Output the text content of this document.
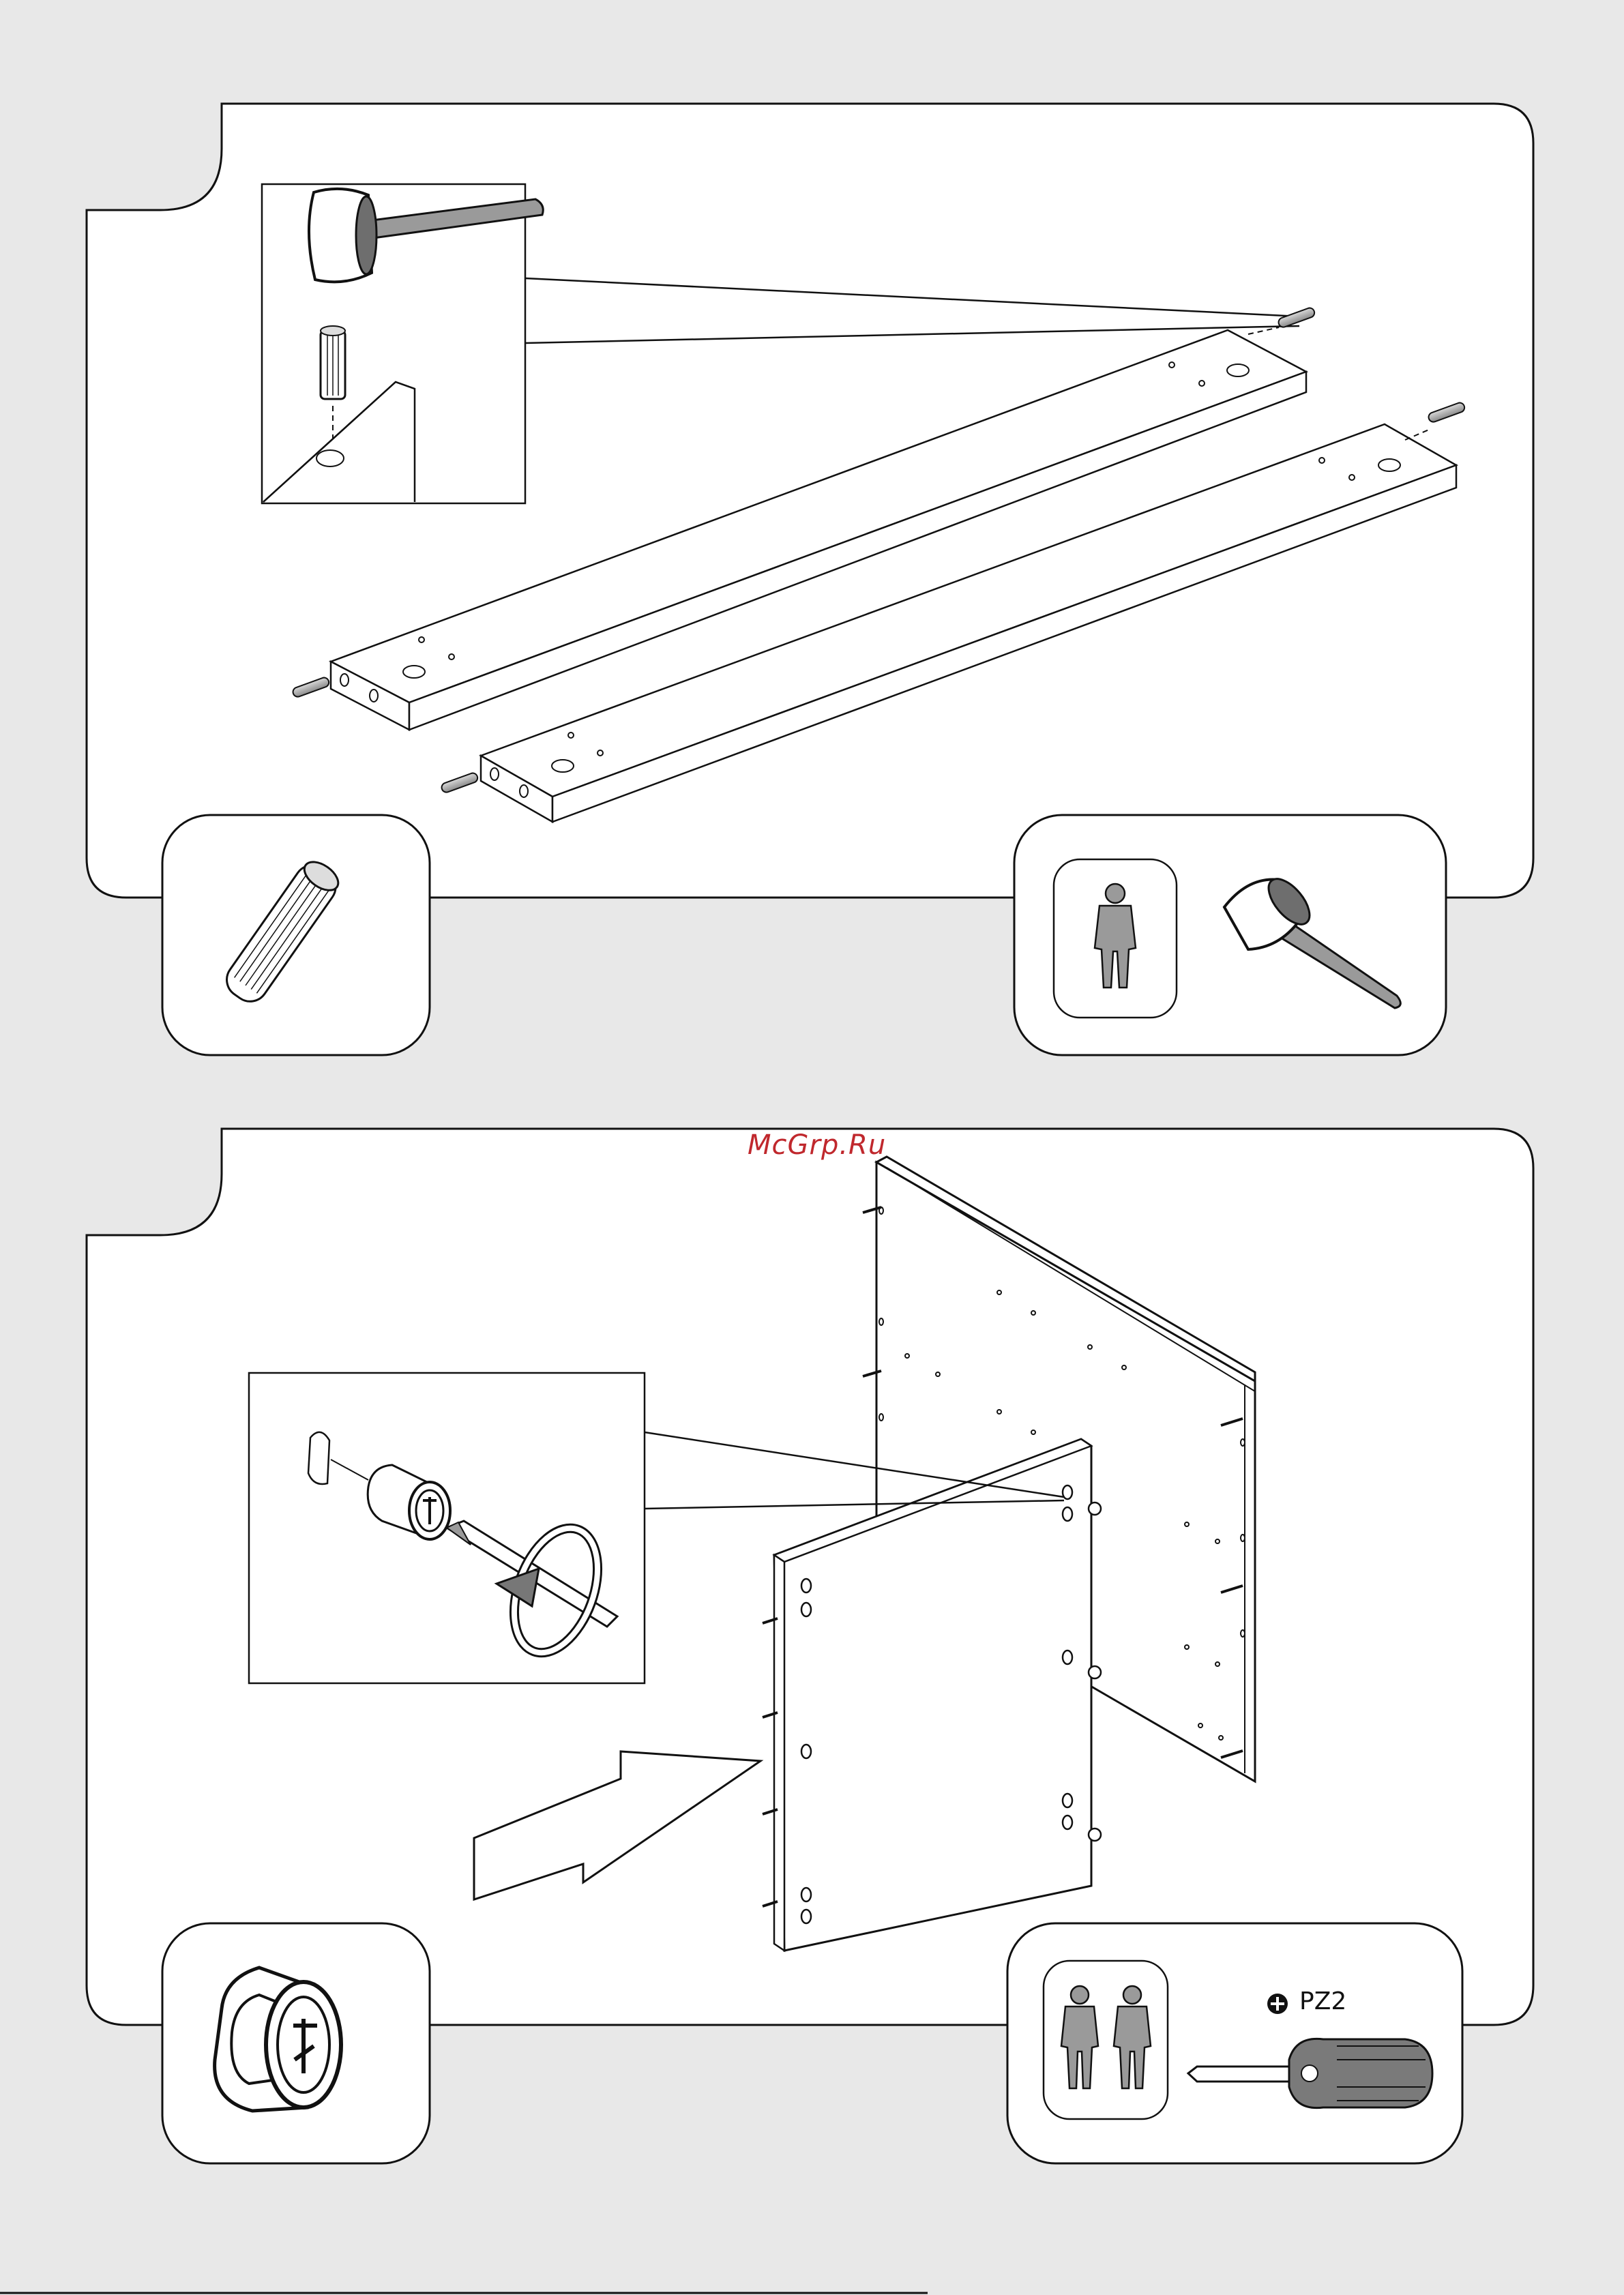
McGrp.Ru
PZ2
